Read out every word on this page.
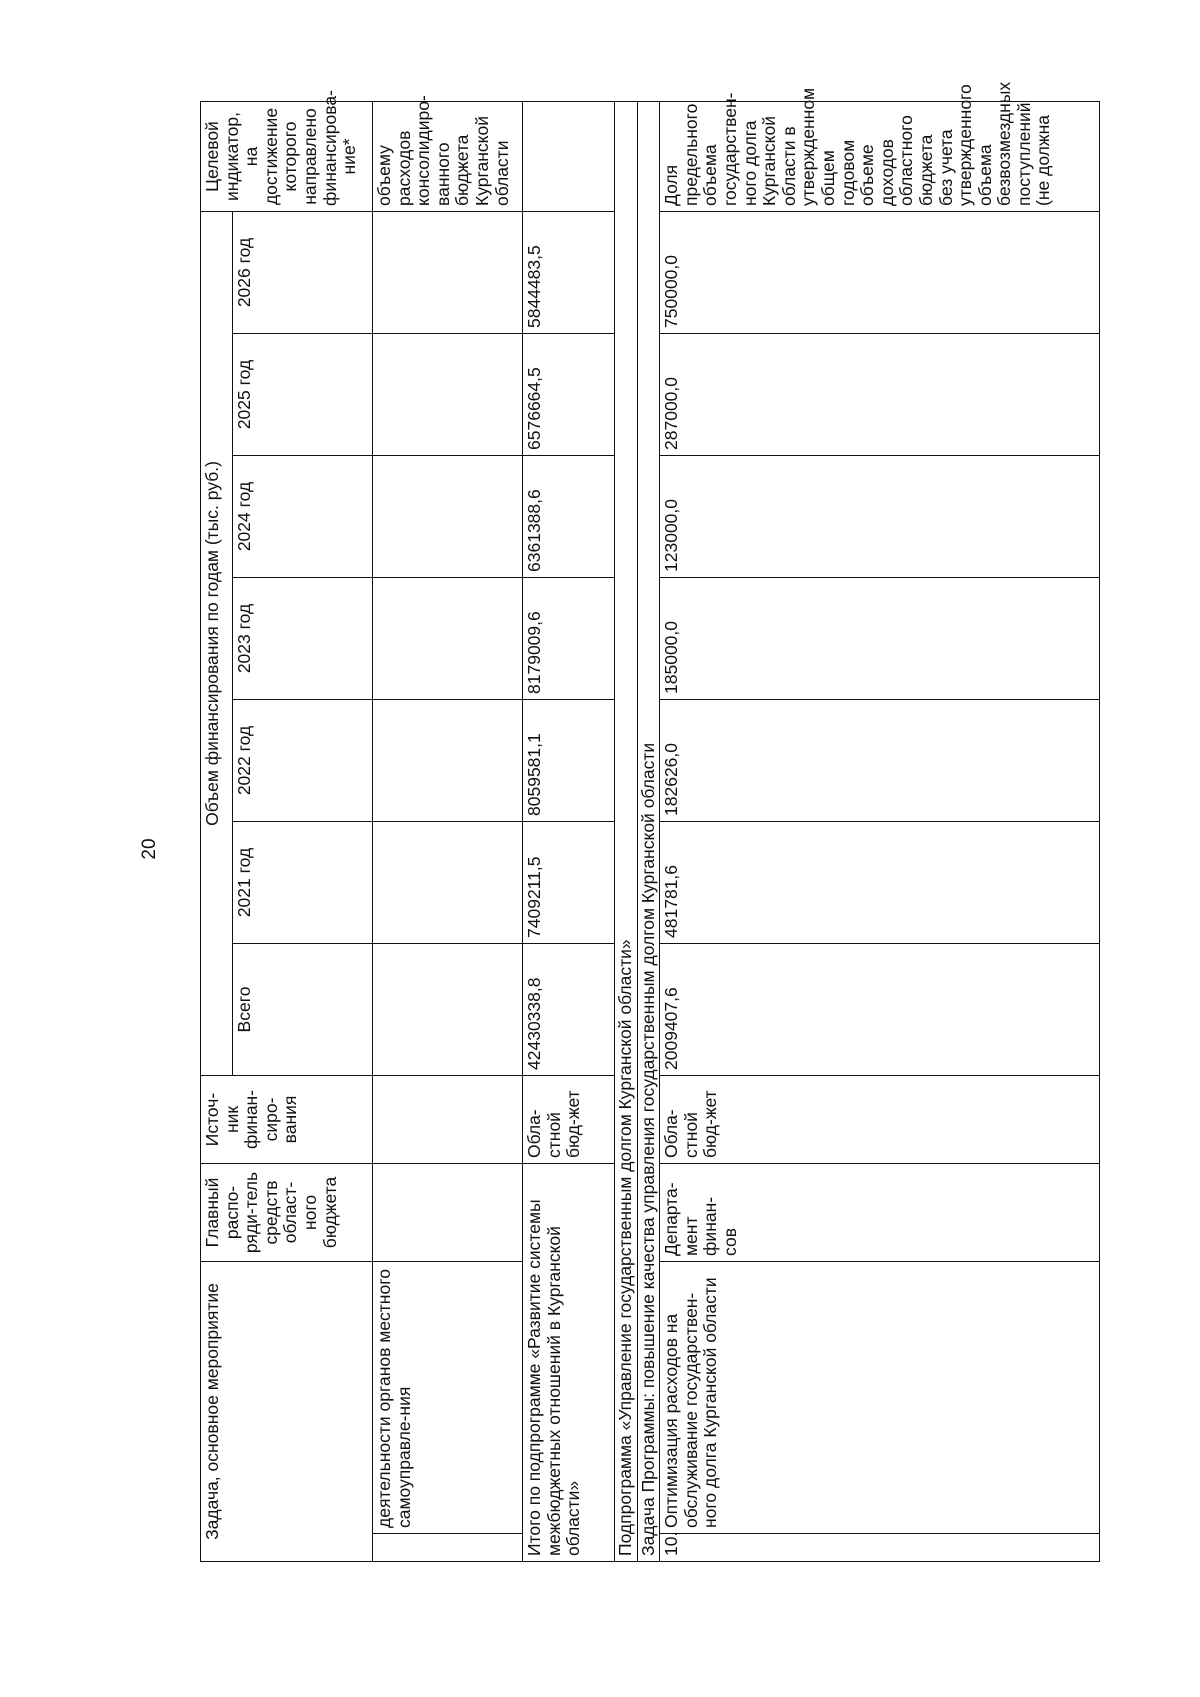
20
Задача, основное мероприятие		Главный распо-ряди-тель средств област-ного бюджета	Источ-ник финан-сиро-вания	Объем финансирования по годам (тыс. руб.)							Целевой индикатор, на достижение которого направлено финансирова-ние*
				Всего	2021 год	2022 год	2023 год	2024 год	2025 год	2026 год	
	деятельности органов местного самоуправле-ния										объему расходов консолидиро-ванного бюджета Курганской области
Итого по подпрограмме «Развитие системы межбюджетных отношений в Курганской области»			Обла-стной бюд-жет	42430338,8	7409211,5	8059581,1	8179009,6	6361388,6	6576664,5	5844483,5	
Подпрограмма «Управление государственным долгом Курганской области»											
Задача Программы: повышение качества управления государственным долгом Курганской области											
10.	Оптимизация расходов на обслуживание государствен-ного долга Курганской области	Департа-мент финан-сов	Обла-стной бюд-жет	2009407,6	481781,6	182626,0	185000,0	123000,0	287000,0	750000,0	Доля предельного объема государствен-ного долга Курганской области в утвержденном общем годовом объеме доходов областного бюджета без учета утвержденного объема безвозмездных поступлений (не должна
